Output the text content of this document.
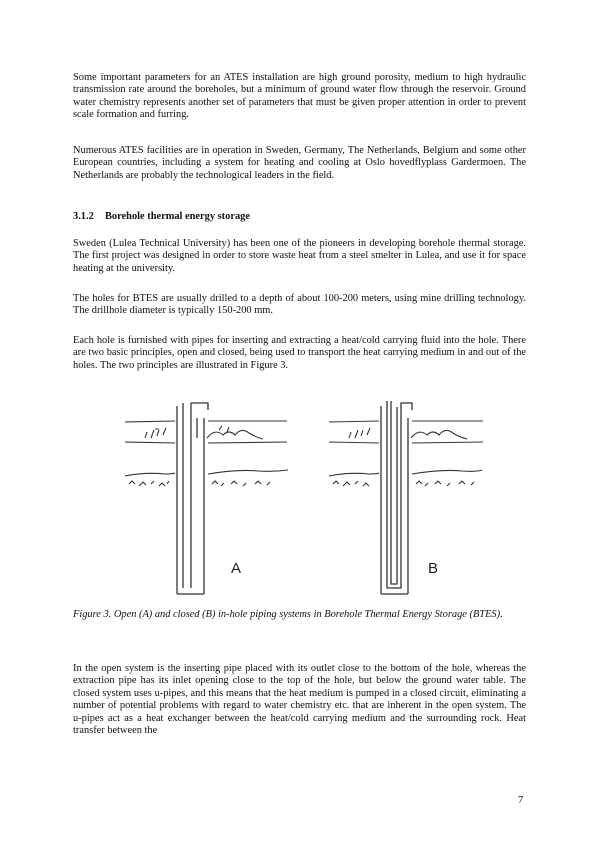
Some important parameters for an ATES installation are high ground porosity, medium to high hydraulic transmission rate around the boreholes, but a minimum of ground water flow through the reservoir. Ground water chemistry represents another set of parameters that must be given proper attention in order to prevent scale formation and furring.

Numerous ATES facilities are in operation in Sweden, Germany, The Netherlands, Belgium and some other European countries, including a system for heating and cooling at Oslo hovedflyplass Gardermoen. The Netherlands are probably the technological leaders in the field.

3.1.2 Borehole thermal energy storage

Sweden (Lulea Technical University) has been one of the pioneers in developing borehole thermal storage. The first project was designed in order to store waste heat from a steel smelter in Lulea, and use it for space heating at the university.

The holes for BTES are usually drilled to a depth of about 100-200 meters, using mine drilling technology. The drillhole diameter is typically 150-200 mm.

Each hole is furnished with pipes for inserting and extracting a heat/cold carrying fluid into the hole. There are two basic principles, open and closed, being used to transport the heat carrying medium in and out of the holes. The two principles are illustrated in Figure 3.

A	B

Figure 3. Open (A) and closed (B) in-hole piping systems in Borehole Thermal Energy Storage (BTES).

In the open system is the inserting pipe placed with its outlet close to the bottom of the hole, whereas the extraction pipe has its inlet opening close to the top of the hole, but below the ground water table. The closed system uses u-pipes, and this means that the heat medium is pumped in a closed circuit, eliminating a number of potential problems with regard to water chemistry etc. that are inherent in the open system. The u-pipes act as a heat exchanger between the heat/cold carrying medium and the surrounding rock. Heat transfer between the

7
